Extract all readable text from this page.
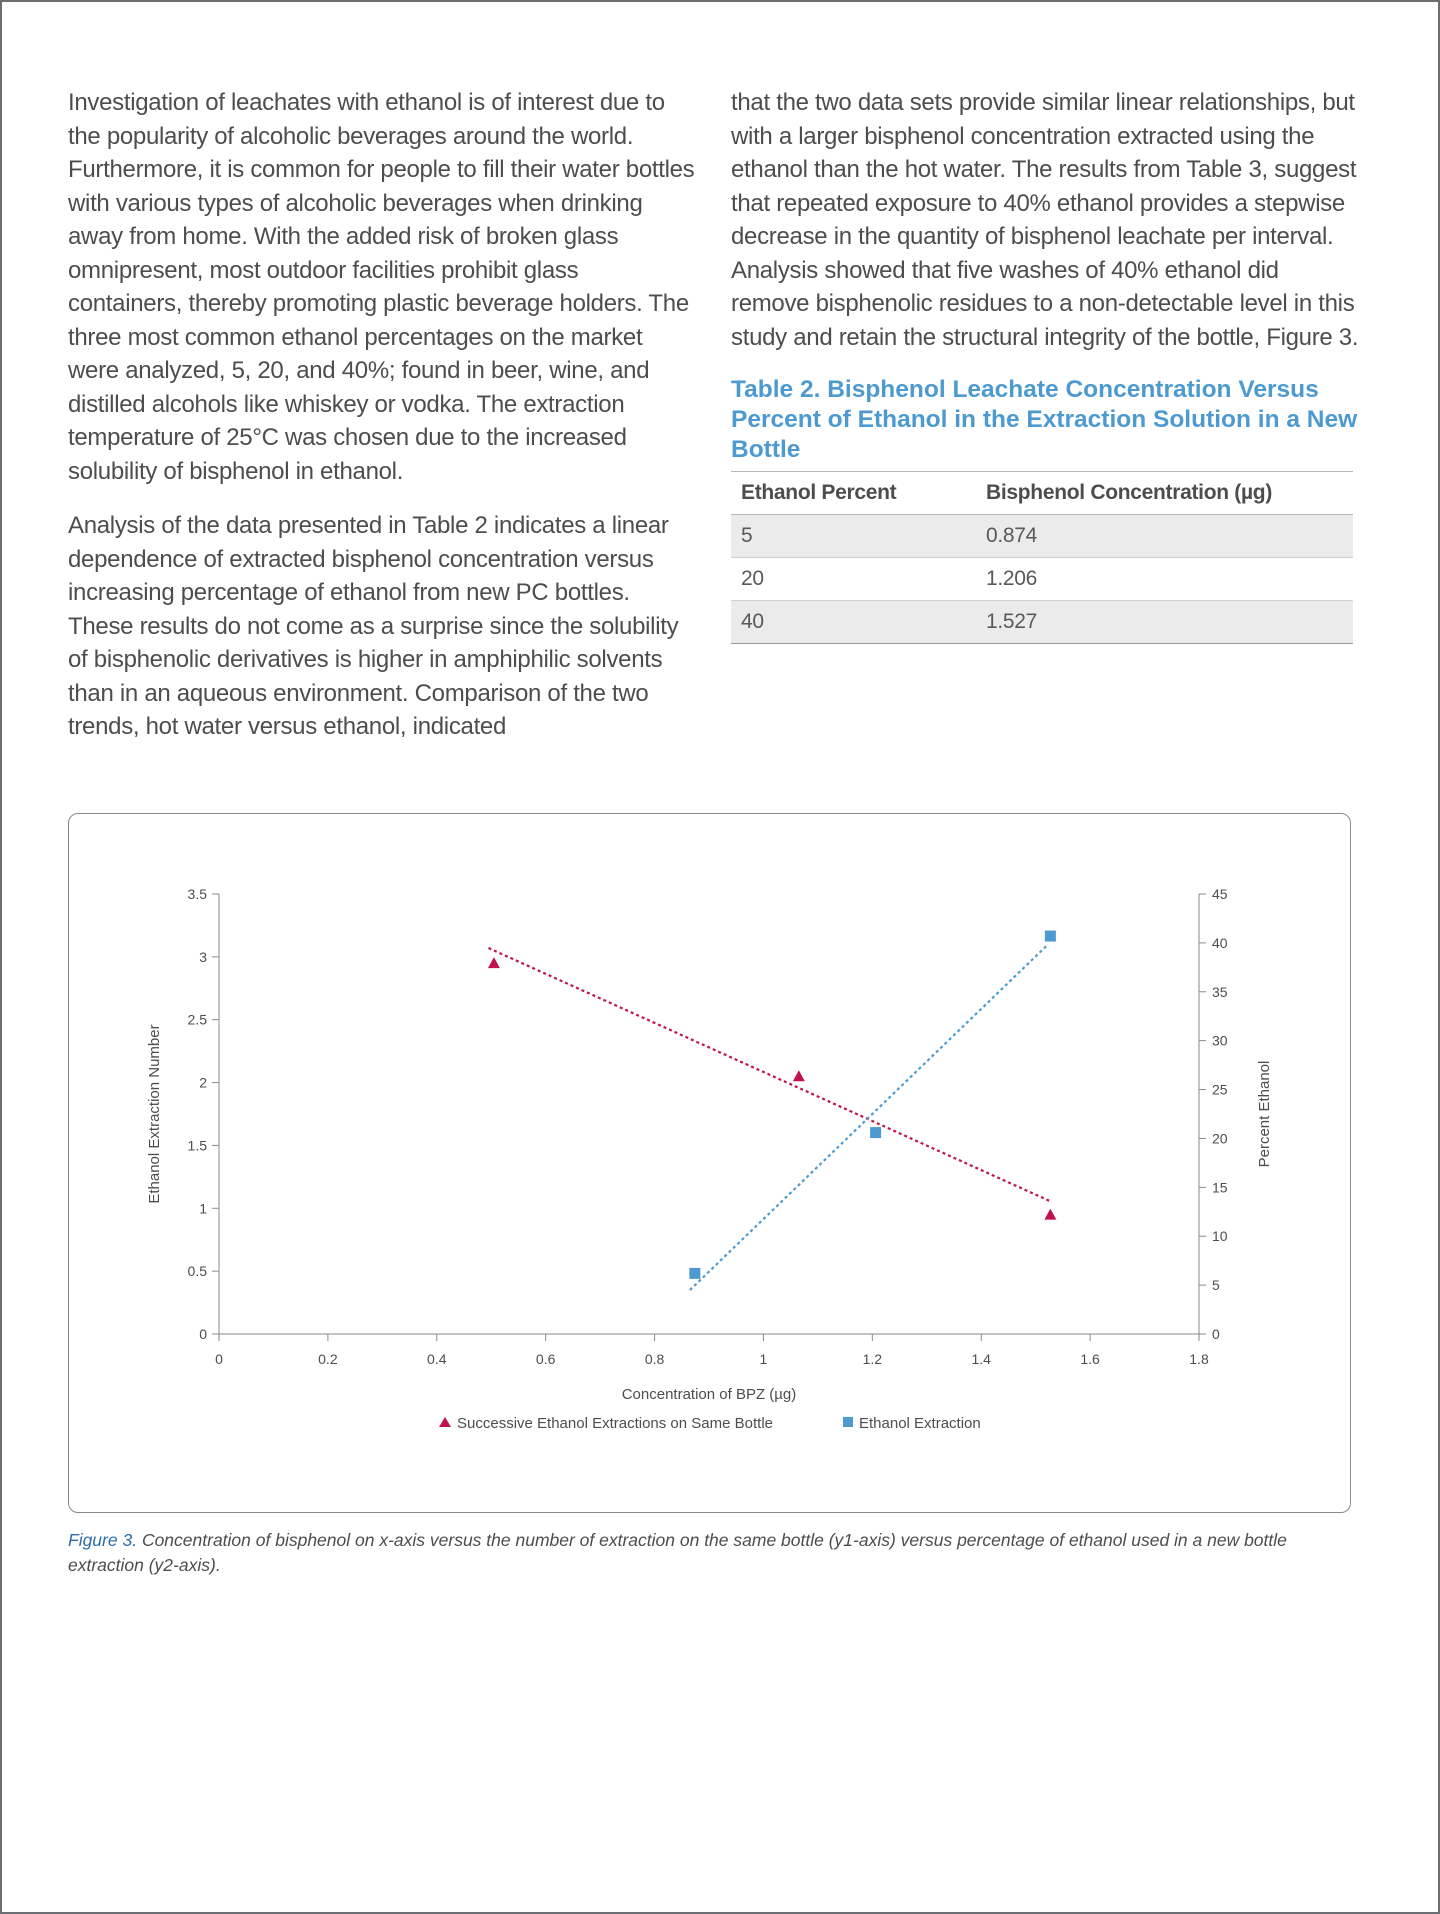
Investigation of leachates with ethanol is of interest due to the popularity of alcoholic beverages around the world. Furthermore, it is common for people to fill their water bottles with various types of alcoholic beverages when drinking away from home. With the added risk of broken glass omnipresent, most outdoor facilities prohibit glass containers, thereby promoting plastic beverage holders. The three most common ethanol percentages on the market were analyzed, 5, 20, and 40%; found in beer, wine, and distilled alcohols like whiskey or vodka. The extraction temperature of 25°C was chosen due to the increased solubility of bisphenol in ethanol.

Analysis of the data presented in Table 2 indicates a linear dependence of extracted bisphenol concentration versus increasing percentage of ethanol from new PC bottles. These results do not come as a surprise since the solubility of bisphenolic derivatives is higher in amphiphilic solvents than in an aqueous environment. Comparison of the two trends, hot water versus ethanol, indicated

that the two data sets provide similar linear relationships, but with a larger bisphenol concentration extracted using the ethanol than the hot water. The results from Table 3, suggest that repeated exposure to 40% ethanol provides a stepwise decrease in the quantity of bisphenol leachate per interval. Analysis showed that five washes of 40% ethanol did remove bisphenolic residues to a non-detectable level in this study and retain the structural integrity of the bottle, Figure 3.

Table 2. Bisphenol Leachate Concentration Versus Percent of Ethanol in the Extraction Solution in a New Bottle
Ethanol Percent	Bisphenol Concentration (µg)
5	0.874
20	1.206
40	1.527
0
0.5
1
1.5
2
2.5
3
3.5
0
5
10
15
20
25
30
35
40
45
0	0.2	0.4	0.6	0.8	1	1.2	1.4	1.6	1.8
Concentration of BPZ (µg)
Ethanol Extraction Number	Percent Ethanol
Successive Ethanol Extractions on Same Bottle	Ethanol Extraction
Figure 3. Concentration of bisphenol on x-axis versus the number of extraction on the same bottle (y1-axis) versus percentage of ethanol used in a new bottle extraction (y2-axis).
